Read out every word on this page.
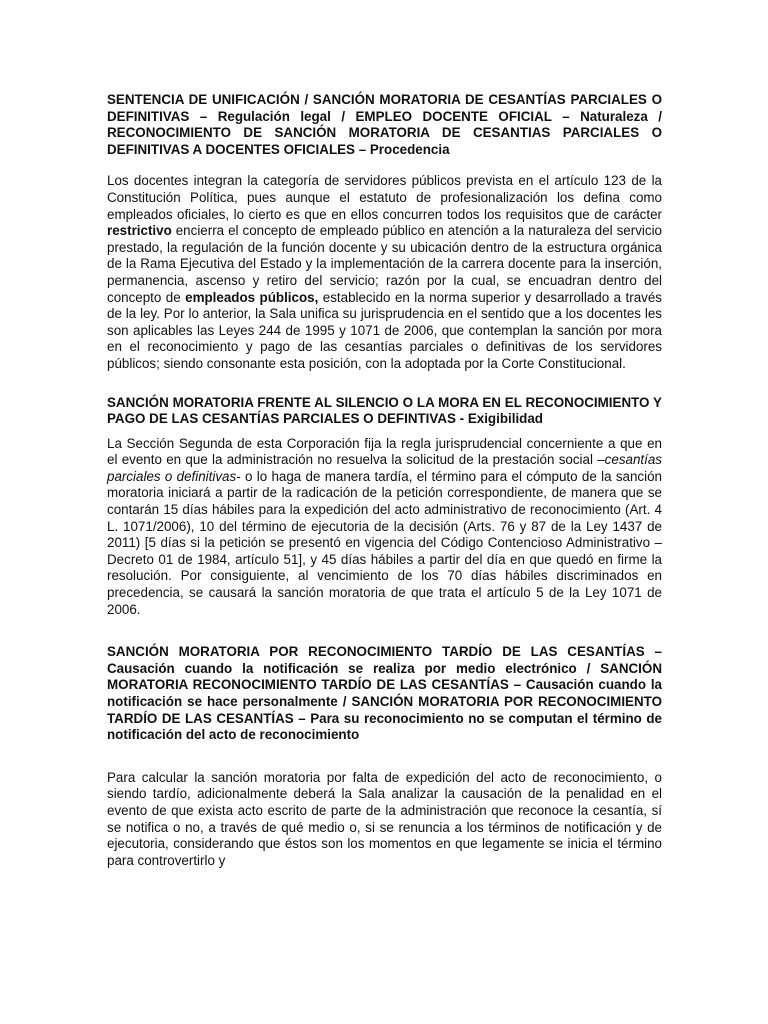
SENTENCIA DE UNIFICACIÓN / SANCIÓN MORATORIA DE CESANTÍAS PARCIALES O DEFINITIVAS – Regulación legal / EMPLEO DOCENTE OFICIAL – Naturaleza / RECONOCIMIENTO DE SANCIÓN MORATORIA DE CESANTIAS PARCIALES O DEFINITIVAS A DOCENTES OFICIALES – Procedencia

Los docentes integran la categoría de servidores públicos prevista en el artículo 123 de la Constitución Política, pues aunque el estatuto de profesionalización los defina como empleados oficiales, lo cierto es que en ellos concurren todos los requisitos que de carácter restrictivo encierra el concepto de empleado público en atención a la naturaleza del servicio prestado, la regulación de la función docente y su ubicación dentro de la estructura orgánica de la Rama Ejecutiva del Estado y la implementación de la carrera docente para la inserción, permanencia, ascenso y retiro del servicio; razón por la cual, se encuadran dentro del concepto de empleados públicos, establecido en la norma superior y desarrollado a través de la ley. Por lo anterior, la Sala unifica su jurisprudencia en el sentido que a los docentes les son aplicables las Leyes 244 de 1995 y 1071 de 2006, que contemplan la sanción por mora en el reconocimiento y pago de las cesantías parciales o definitivas de los servidores públicos; siendo consonante esta posición, con la adoptada por la Corte Constitucional.

SANCIÓN MORATORIA FRENTE AL SILENCIO O LA MORA EN EL RECONOCIMIENTO Y PAGO DE LAS CESANTÍAS PARCIALES O DEFINTIVAS - Exigibilidad

La Sección Segunda de esta Corporación fija la regla jurisprudencial concerniente a que en el evento en que la administración no resuelva la solicitud de la prestación social –cesantías parciales o definitivas- o lo haga de manera tardía, el término para el cómputo de la sanción moratoria iniciará a partir de la radicación de la petición correspondiente, de manera que se contarán 15 días hábiles para la expedición del acto administrativo de reconocimiento (Art. 4 L. 1071/2006), 10 del término de ejecutoria de la decisión (Arts. 76 y 87 de la Ley 1437 de 2011) [5 días si la petición se presentó en vigencia del Código Contencioso Administrativo – Decreto 01 de 1984, artículo 51], y 45 días hábiles a partir del día en que quedó en firme la resolución. Por consiguiente, al vencimiento de los 70 días hábiles discriminados en precedencia, se causará la sanción moratoria de que trata el artículo 5 de la Ley 1071 de 2006.

SANCIÓN MORATORIA POR RECONOCIMIENTO TARDÍO DE LAS CESANTÍAS – Causación cuando la notificación se realiza por medio electrónico / SANCIÓN MORATORIA RECONOCIMIENTO TARDÍO DE LAS CESANTÍAS – Causación cuando la notificación se hace personalmente / SANCIÓN MORATORIA POR RECONOCIMIENTO TARDÍO DE LAS CESANTÍAS – Para su reconocimiento no se computan el término de notificación del acto de reconocimiento

Para calcular la sanción moratoria por falta de expedición del acto de reconocimiento, o siendo tardío, adicionalmente deberá la Sala analizar la causación de la penalidad en el evento de que exista acto escrito de parte de la administración que reconoce la cesantía, sí se notifica o no, a través de qué medio o, si se renuncia a los términos de notificación y de ejecutoria, considerando que éstos son los momentos en que legamente se inicia el término para controvertirlo y
